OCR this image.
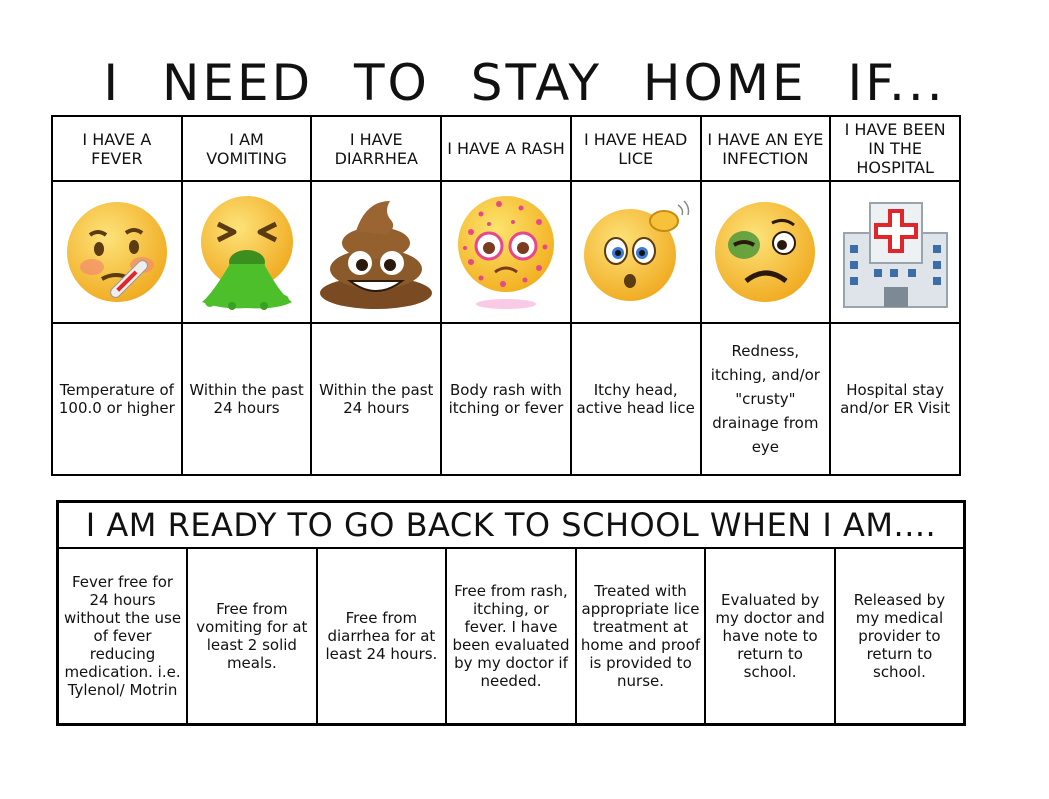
I NEED TO STAY HOME IF...
I HAVE A FEVER	I AM VOMITING	I HAVE DIARRHEA	I HAVE A RASH	I HAVE HEAD LICE	I HAVE AN EYE INFECTION	I HAVE BEEN IN THE HOSPITAL

Temperature of 100.0 or higher	Within the past 24 hours	Within the past 24 hours	Body rash with itching or fever	Itchy head, active head lice	Redness, itching, and/or "crusty" drainage from eye	Hospital stay and/or ER Visit
I AM READY TO GO BACK TO SCHOOL WHEN I AM....
Fever free for 24 hours without the use of fever reducing medication. i.e. Tylenol/ Motrin	Free from vomiting for at least 2 solid meals.	Free from diarrhea for at least 24 hours.	Free from rash, itching, or fever. I have been evaluated by my doctor if needed.	Treated with appropriate lice treatment at home and proof is provided to nurse.	Evaluated by my doctor and have note to return to school.	Released by my medical provider to return to school.
